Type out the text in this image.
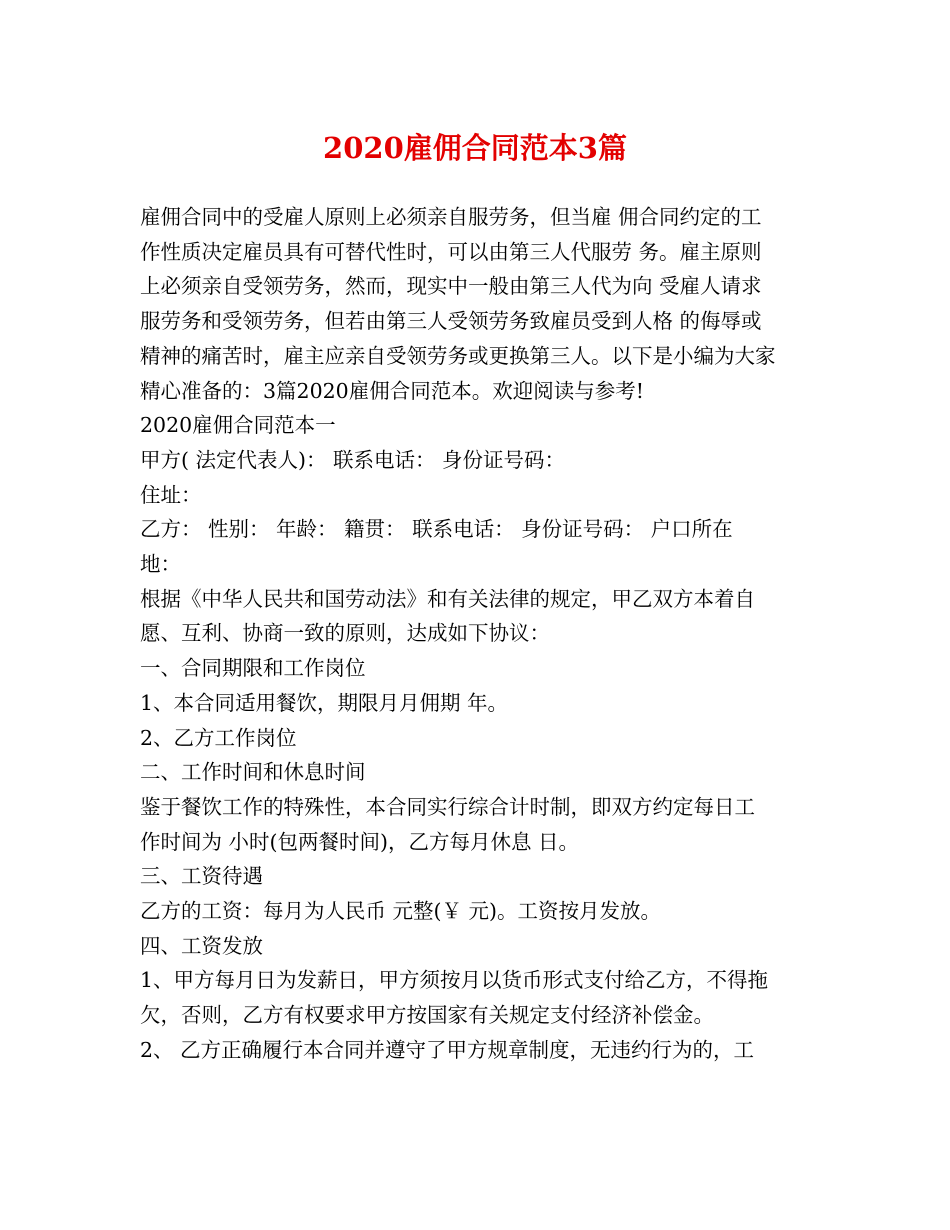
2020雇佣合同范本3篇
雇佣合同中的受雇人原则上必须亲自服劳务，但当雇 佣合同约定的工
作性质决定雇员具有可替代性时，可以由第三人代服劳 务。雇主原则
上必须亲自受领劳务，然而，现实中一般由第三人代为向 受雇人请求
服劳务和受领劳务，但若由第三人受领劳务致雇员受到人格 的侮辱或
精神的痛苦时，雇主应亲自受领劳务或更换第三人。以下是小编为大家
精心准备的：3篇2020雇佣合同范本。欢迎阅读与参考!
2020雇佣合同范本一
甲方( 法定代表人)： 联系电话： 身份证号码：
住址：
乙方： 性别： 年龄： 籍贯： 联系电话： 身份证号码： 户口所在
地：
根据《中华人民共和国劳动法》和有关法律的规定，甲乙双方本着自
愿、互利、协商一致的原则，达成如下协议：
一、合同期限和工作岗位
1、本合同适用餐饮，期限月月佣期 年。
2、乙方工作岗位
二、工作时间和休息时间
鉴于餐饮工作的特殊性，本合同实行综合计时制，即双方约定每日工
作时间为 小时(包两餐时间)，乙方每月休息 日。
三、工资待遇
乙方的工资：每月为人民币 元整(￥ 元)。工资按月发放。
四、工资发放
1、甲方每月日为发薪日，甲方须按月以货币形式支付给乙方，不得拖
欠，否则，乙方有权要求甲方按国家有关规定支付经济补偿金。
2、 乙方正确履行本合同并遵守了甲方规章制度，无违约行为的，工
